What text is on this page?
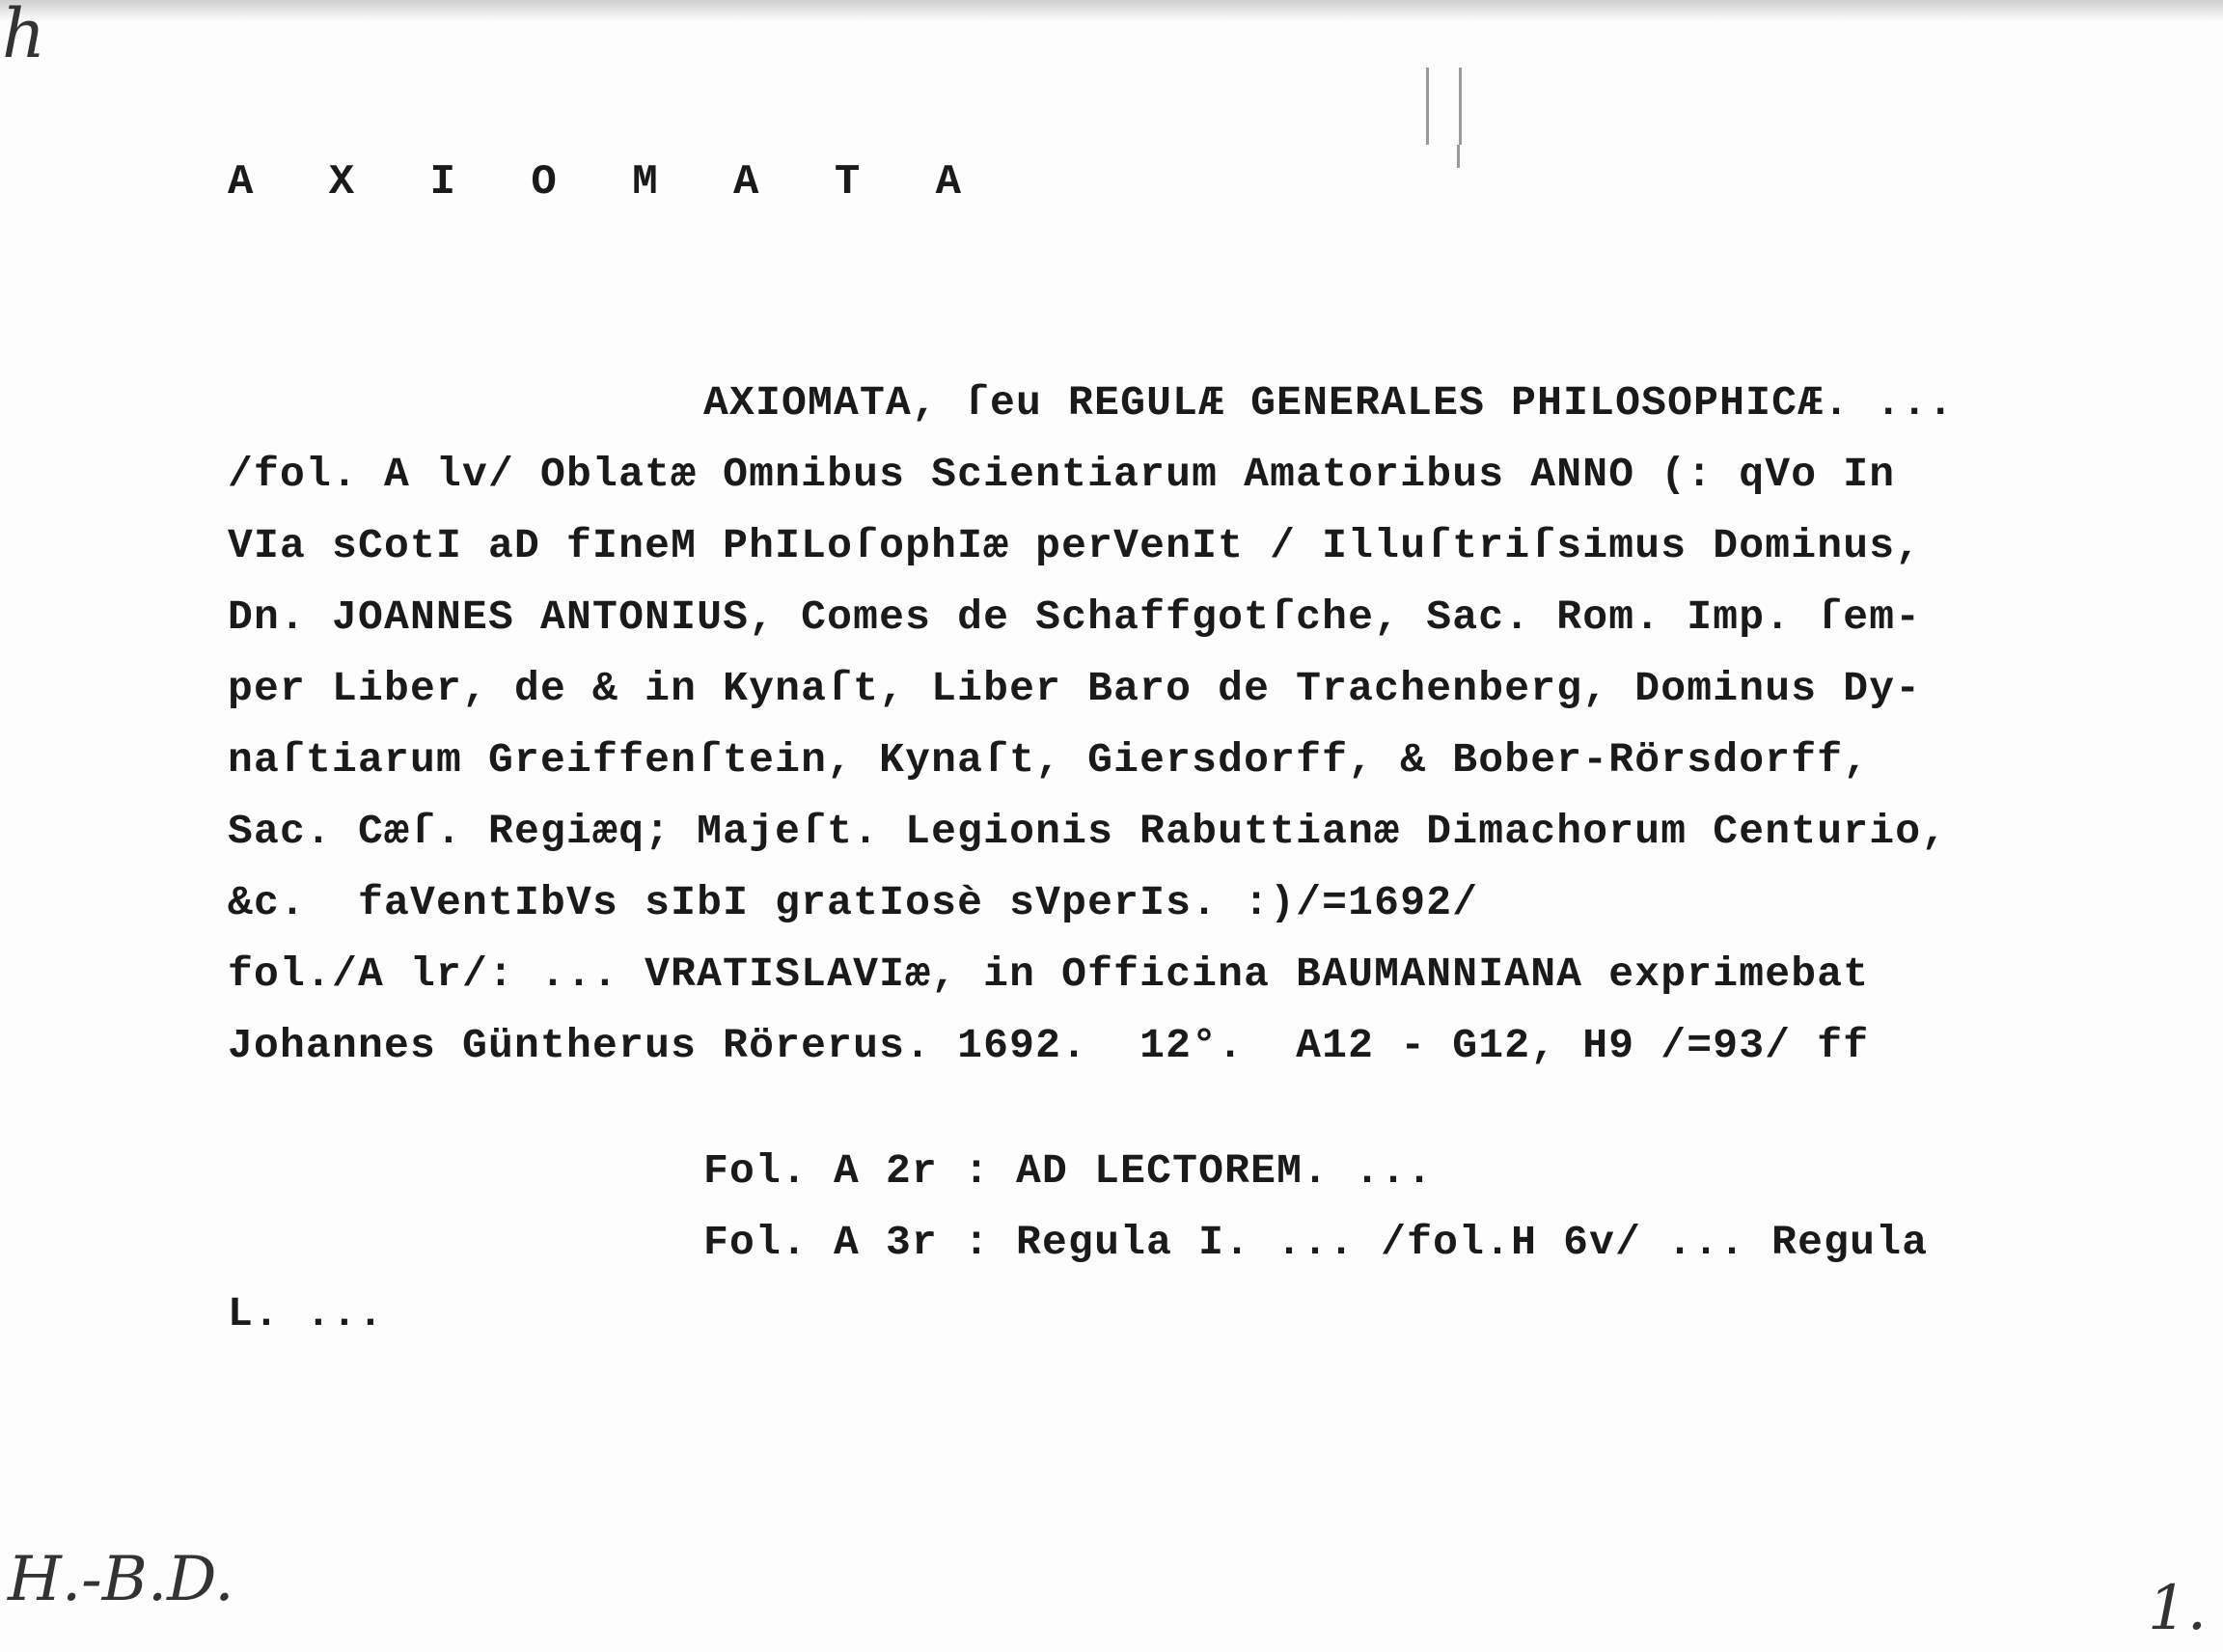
h
A X I O M A T A
AXIOMATA, ſeu REGULÆ GENERALES PHILOSOPHICÆ. ...
/fol. A lv/ Oblatæ Omnibus Scientiarum Amatoribus ANNO (: qVo In
VIa sCotI aD fIneM PhILoſophIæ perVenIt / Illuſtriſsimus Dominus,
Dn. JOANNES ANTONIUS, Comes de Schaffgotſche, Sac. Rom. Imp. ſem-
per Liber, de & in Kynaſt, Liber Baro de Trachenberg, Dominus Dy-
naſtiarum Greiffenſtein, Kynaſt, Giersdorff, & Bober-Rörsdorff,
Sac. Cæſ. Regiæq; Majeſt. Legionis Rabuttianæ Dimachorum Centurio,
&c.  faVentIbVs sIbI gratIosè sVperIs. :)/=1692/
fol./A lr/: ... VRATISLAVIæ, in Officina BAUMANNIANA exprimebat
Johannes Güntherus Rörerus. 1692.  12°.  A12 - G12, H9 /=93/ ff
Fol. A 2r : AD LECTOREM. ...
Fol. A 3r : Regula I. ... /fol.H 6v/ ... Regula
L. ...
H.-B.D.	1.
